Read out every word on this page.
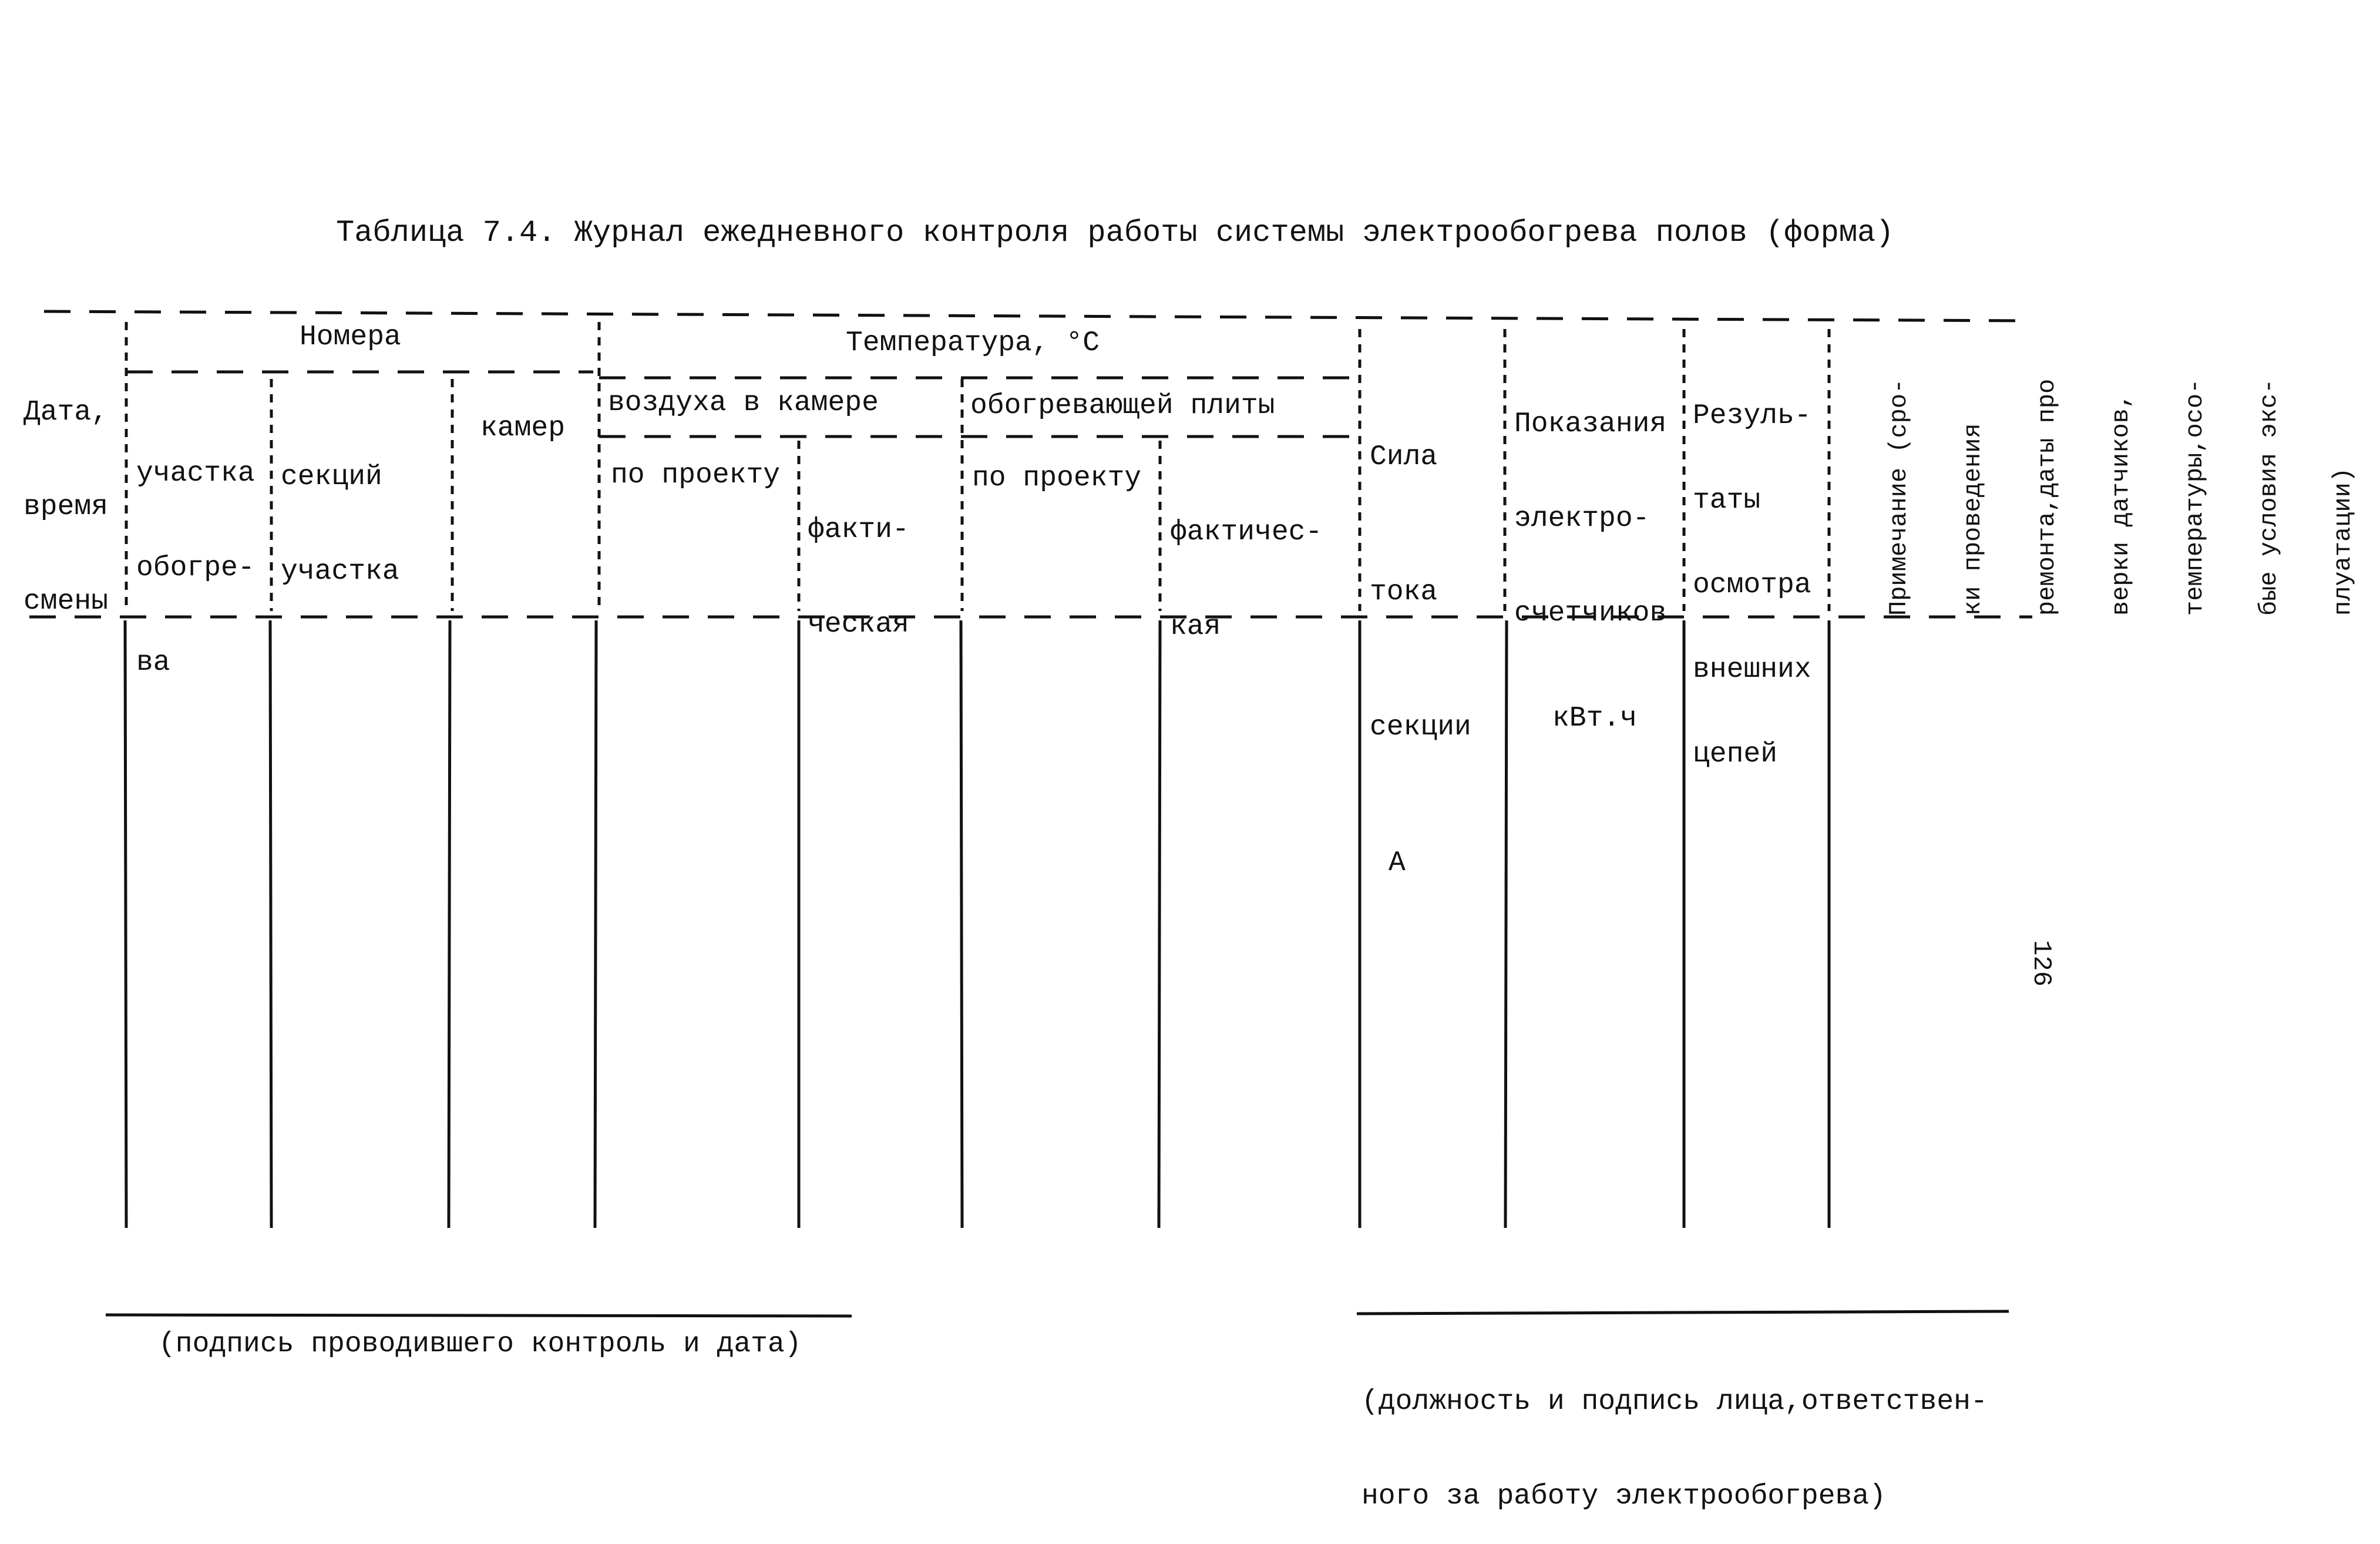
Таблица 7.4. Журнал ежедневного контроля работы системы электрообогрева полов (форма)

Дата,

время

смены

Номера

участка

обогре-

ва

секций

участка

камер
Температура, °С
воздуха в камере	обогревающей плиты
по проекту

факти-

ческая

по проекту

фактичес-

кая

Сила

тока

секции

А

Показания

электро-

счетчиков

кВт.ч

Резуль-

таты

осмотра

внешних

цепей

Примечание (сро-

ки проведения

ремонта,даты про

верки датчиков,

температуры,осо-

бые условия экс-

плуатации)

126
(подпись проводившего контроль и дата)

(должность и подпись лица,ответствен-

ного за работу электрообогрева)
